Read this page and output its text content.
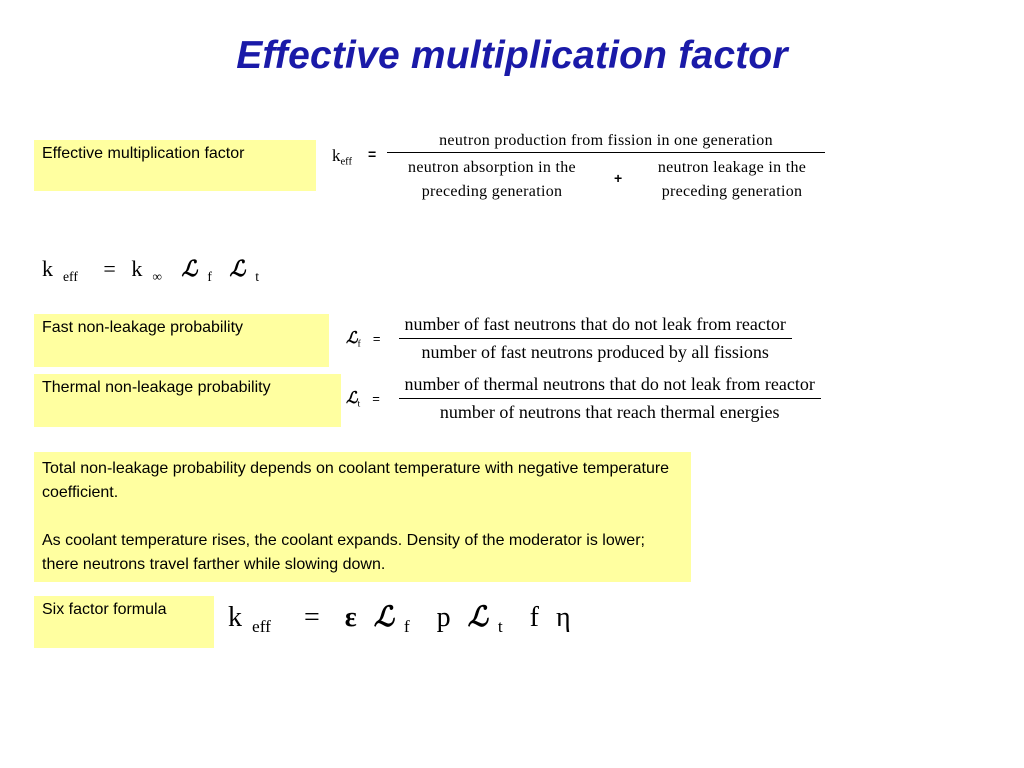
Effective multiplication factor

Effective multiplication factor	$k_{eff}$
=
neutron production from fission in one generation
neutron absorption in the
preceding generation
+
neutron leakage in the
preceding generation
k $_{eff}$ = k $_\infty$ ℒ $_f$ ℒ $_t$

Fast non-leakage probability

ℒ$_f$ = $\frac{\text{number of fast neutrons that do not leak from reactor}}{\text{number of fast neutrons produced by all fissions}}$

Thermal non-leakage probability

ℒ$_t$ = $\frac{\text{number of thermal neutrons that do not leak from reactor}}{\text{number of neutrons that reach thermal energies}}$

Total non-leakage probability depends on coolant temperature with negative temperature coefficient.

As coolant temperature rises, the coolant expands. Density of the moderator is lower; there neutrons travel farther while slowing down.

Six factor formula	k $_{eff}$ = ε ℒ $_f$ p ℒ $_t$ f η
